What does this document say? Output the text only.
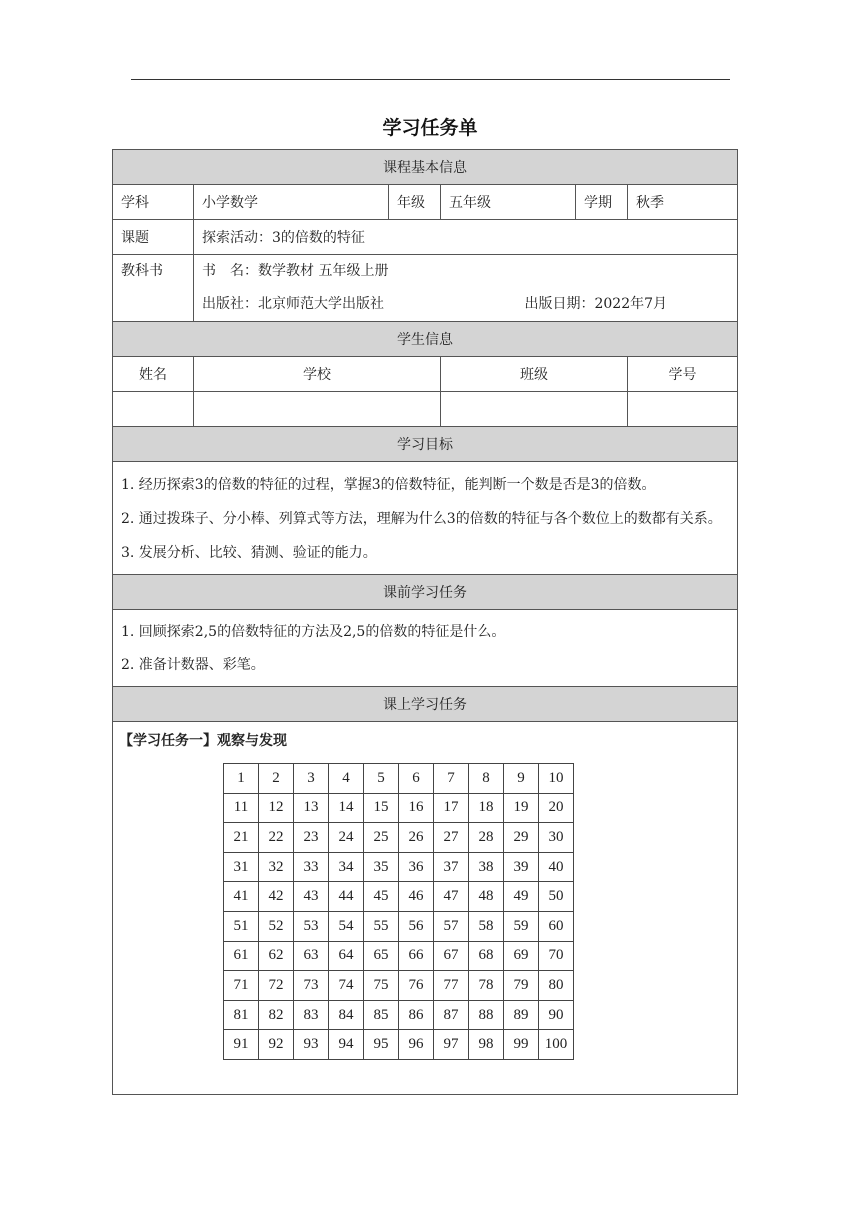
学习任务单
课程基本信息
学科	小学数学	年级	五年级	学期	秋季
课题	探索活动：3的倍数的特征

教科书	书　名：数学教材 五年级上册
出版社：北京师范大学出版社	出版日期：2022年7月

学生信息
姓名	学校	班级	学号

学习目标

1. 经历探索3的倍数的特征的过程，掌握3的倍数特征，能判断一个数是否是3的倍数。
2. 通过拨珠子、分小棒、列算式等方法，理解为什么3的倍数的特征与各个数位上的数都有关系。
3. 发展分析、比较、猜测、验证的能力。

课前学习任务

1. 回顾探索2,5的倍数特征的方法及2,5的倍数的特征是什么。
2. 准备计数器、彩笔。

课上学习任务

【学习任务一】观察与发现
1	2	3	4	5	6	7	8	9	10
11	12	13	14	15	16	17	18	19	20
21	22	23	24	25	26	27	28	29	30
31	32	33	34	35	36	37	38	39	40
41	42	43	44	45	46	47	48	49	50
51	52	53	54	55	56	57	58	59	60
61	62	63	64	65	66	67	68	69	70
71	72	73	74	75	76	77	78	79	80
81	82	83	84	85	86	87	88	89	90
91	92	93	94	95	96	97	98	99	100
